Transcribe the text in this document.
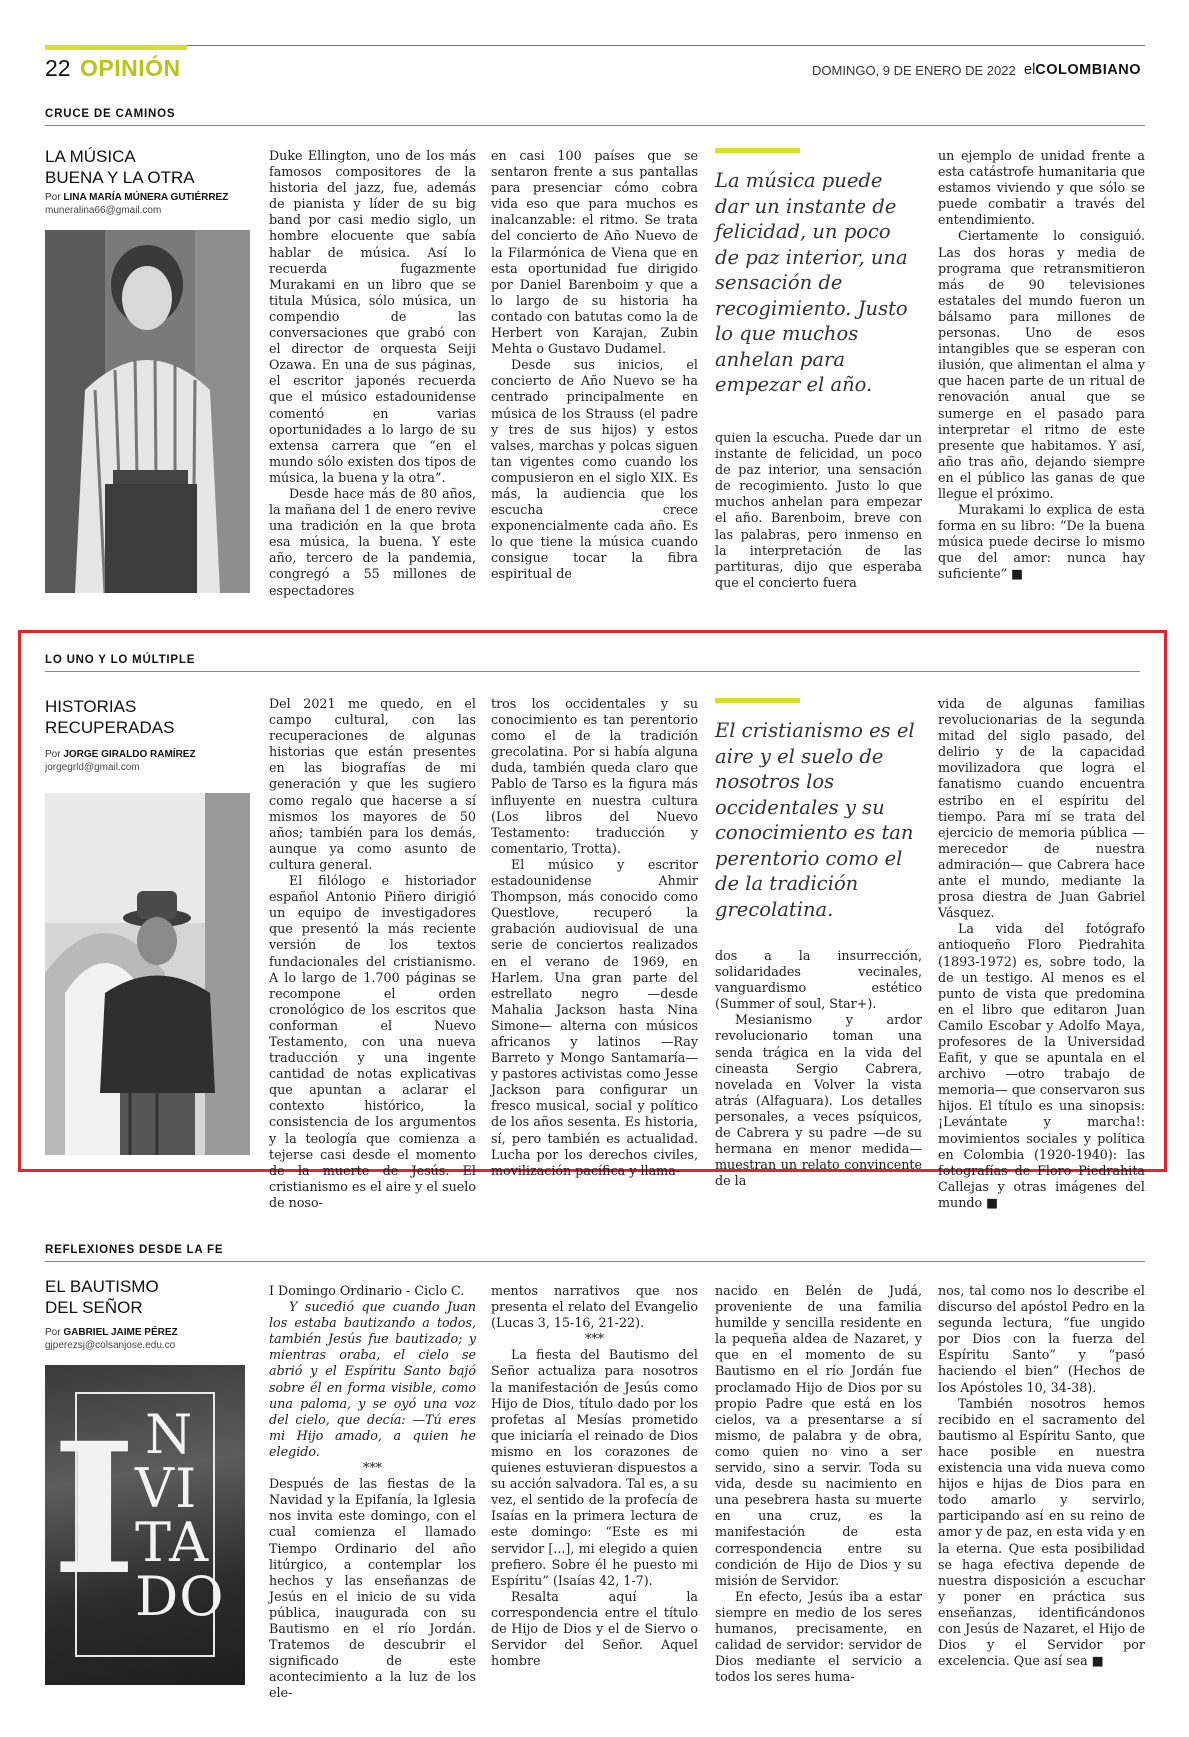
22 OPINIÓN	DOMINGO, 9 DE ENERO DE 2022 elCOLOMBIANO
CRUCE DE CAMINOS
LA MÚSICA
BUENA Y LA OTRA
Por LINA MARÍA MÚNERA GUTIÉRREZ
muneralina66@gmail.com

Duke Ellington, uno de los más famosos compositores de la historia del jazz, fue, además de pianista y líder de su big band por casi medio siglo, un hombre elocuente que sabía hablar de música. Así lo recuerda fugazmente Murakami en un libro que se titula Música, sólo música, un compendio de las conversaciones que grabó con el director de orquesta Seiji Ozawa. En una de sus páginas, el escritor japonés recuerda que el músico estadounidense comentó en varias oportunidades a lo largo de su extensa carrera que “en el mundo sólo existen dos tipos de música, la buena y la otra”.

Desde hace más de 80 años, la mañana del 1 de enero revive una tradición en la que brota esa música, la buena. Y este año, tercero de la pandemia, congregó a 55 millones de espectadores

en casi 100 países que se sentaron frente a sus pantallas para presenciar cómo cobra vida eso que para muchos es inalcanzable: el ritmo. Se trata del concierto de Año Nuevo de la Filarmónica de Viena que en esta oportunidad fue dirigido por Daniel Barenboim y que a lo largo de su historia ha contado con batutas como la de Herbert von Karajan, Zubin Mehta o Gustavo Dudamel.

Desde sus inicios, el concierto de Año Nuevo se ha centrado principalmente en música de los Strauss (el padre y tres de sus hijos) y estos valses, marchas y polcas siguen tan vigentes como cuando los compusieron en el siglo XIX. Es más, la audiencia que los escucha crece exponencialmente cada año. Es lo que tiene la música cuando consigue tocar la fibra espiritual de

La música puede dar un instante de felicidad, un poco de paz interior, una sensación de recogimiento. Justo lo que muchos anhelan para empezar el año.

quien la escucha. Puede dar un instante de felicidad, un poco de paz interior, una sensación de recogimiento. Justo lo que muchos anhelan para empezar el año. Barenboim, breve con las palabras, pero inmenso en la interpretación de las partituras, dijo que esperaba que el concierto fuera

un ejemplo de unidad frente a esta catástrofe humanitaria que estamos viviendo y que sólo se puede combatir a través del entendimiento.

Ciertamente lo consiguió. Las dos horas y media de programa que retransmitieron más de 90 televisiones estatales del mundo fueron un bálsamo para millones de personas. Uno de esos intangibles que se esperan con ilusión, que alimentan el alma y que hacen parte de un ritual de renovación anual que se sumerge en el pasado para interpretar el ritmo de este presente que habitamos. Y así, año tras año, dejando siempre en el público las ganas de que llegue el próximo.

Murakami lo explica de esta forma en su libro: “De la buena música puede decirse lo mismo que del amor: nunca hay suficiente” ■

LO UNO Y LO MÚLTIPLE
HISTORIAS
RECUPERADAS
Por JORGE GIRALDO RAMÍREZ
jorgegrld@gmail.com

Del 2021 me quedo, en el campo cultural, con las recuperaciones de algunas historias que están presentes en las biografías de mi generación y que les sugiero como regalo que hacerse a sí mismos los mayores de 50 años; también para los demás, aunque ya como asunto de cultura general.

El filólogo e historiador español Antonio Piñero dirigió un equipo de investigadores que presentó la más reciente versión de los textos fundacionales del cristianismo. A lo largo de 1.700 páginas se recompone el orden cronológico de los escritos que conforman el Nuevo Testamento, con una nueva traducción y una ingente cantidad de notas explicativas que apuntan a aclarar el contexto histórico, la consistencia de los argumentos y la teología que comienza a tejerse casi desde el momento de la muerte de Jesús. El cristianismo es el aire y el suelo de noso-

tros los occidentales y su conocimiento es tan perentorio como el de la tradición grecolatina. Por si había alguna duda, también queda claro que Pablo de Tarso es la figura más influyente en nuestra cultura (Los libros del Nuevo Testamento: traducción y comentario, Trotta).

El músico y escritor estadounidense Ahmir Thompson, más conocido como Questlove, recuperó la grabación audiovisual de una serie de conciertos realizados en el verano de 1969, en Harlem. Una gran parte del estrellato negro —desde Mahalia Jackson hasta Nina Simone— alterna con músicos africanos y latinos —Ray Barreto y Mongo Santamaría— y pastores activistas como Jesse Jackson para configurar un fresco musical, social y político de los años sesenta. Es historia, sí, pero también es actualidad. Lucha por los derechos civiles, movilización pacífica y llama-

El cristianismo es el aire y el suelo de nosotros los occidentales y su conocimiento es tan perentorio como el de la tradición grecolatina.

dos a la insurrección, solidaridades vecinales, vanguardismo estético (Summer of soul, Star+).

Mesianismo y ardor revolucionario toman una senda trágica en la vida del cineasta Sergio Cabrera, novelada en Volver la vista atrás (Alfaguara). Los detalles personales, a veces psíquicos, de Cabrera y su padre —de su hermana en menor medida— muestran un relato convincente de la

vida de algunas familias revolucionarias de la segunda mitad del siglo pasado, del delirio y de la capacidad movilizadora que logra el fanatismo cuando encuentra estribo en el espíritu del tiempo. Para mí se trata del ejercicio de memoria pública —merecedor de nuestra admiración— que Cabrera hace ante el mundo, mediante la prosa diestra de Juan Gabriel Vásquez.

La vida del fotógrafo antioqueño Floro Piedrahita (1893-1972) es, sobre todo, la de un testigo. Al menos es el punto de vista que predomina en el libro que editaron Juan Camilo Escobar y Adolfo Maya, profesores de la Universidad Eafit, y que se apuntala en el archivo —otro trabajo de memoria— que conservaron sus hijos. El título es una sinopsis: ¡Levántate y marcha!: movimientos sociales y política en Colombia (1920-1940): las fotografías de Floro Piedrahita Callejas y otras imágenes del mundo ■

REFLEXIONES DESDE LA FE
EL BAUTISMO
DEL SEÑOR
Por GABRIEL JAIME PÉREZ
gjperezsj@colsanjose.edu.co
I N
VI
TA
DO

I Domingo Ordinario - Ciclo C.

Y sucedió que cuando Juan los estaba bautizando a todos, también Jesús fue bautizado; y mientras oraba, el cielo se abrió y el Espíritu Santo bajó sobre él en forma visible, como una paloma, y se oyó una voz del cielo, que decía: —Tú eres mi Hijo amado, a quien he elegido.

***

Después de las fiestas de la Navidad y la Epifanía, la Iglesia nos invita este domingo, con el cual comienza el llamado Tiempo Ordinario del año litúrgico, a contemplar los hechos y las enseñanzas de Jesús en el inicio de su vida pública, inaugurada con su Bautismo en el río Jordán. Tratemos de descubrir el significado de este acontecimiento a la luz de los ele-

mentos narrativos que nos presenta el relato del Evangelio (Lucas 3, 15-16, 21-22).

***

La fiesta del Bautismo del Señor actualiza para nosotros la manifestación de Jesús como Hijo de Dios, título dado por los profetas al Mesías prometido que iniciaría el reinado de Dios mismo en los corazones de quienes estuvieran dispuestos a su acción salvadora. Tal es, a su vez, el sentido de la profecía de Isaías en la primera lectura de este domingo: “Este es mi servidor [...], mi elegido a quien prefiero. Sobre él he puesto mi Espíritu” (Isaías 42, 1-7).

Resalta aquí la correspondencia entre el título de Hijo de Dios y el de Siervo o Servidor del Señor. Aquel hombre

nacido en Belén de Judá, proveniente de una familia humilde y sencilla residente en la pequeña aldea de Nazaret, y que en el momento de su Bautismo en el río Jordán fue proclamado Hijo de Dios por su propio Padre que está en los cielos, va a presentarse a sí mismo, de palabra y de obra, como quien no vino a ser servido, sino a servir. Toda su vida, desde su nacimiento en una pesebrera hasta su muerte en una cruz, es la manifestación de esta correspondencia entre su condición de Hijo de Dios y su misión de Servidor.

En efecto, Jesús iba a estar siempre en medio de los seres humanos, precisamente, en calidad de servidor: servidor de Dios mediante el servicio a todos los seres huma-

nos, tal como nos lo describe el discurso del apóstol Pedro en la segunda lectura, “fue ungido por Dios con la fuerza del Espíritu Santo” y “pasó haciendo el bien” (Hechos de los Apóstoles 10, 34-38).

También nosotros hemos recibido en el sacramento del bautismo al Espíritu Santo, que hace posible en nuestra existencia una vida nueva como hijos e hijas de Dios para en todo amarlo y servirlo, participando así en su reino de amor y de paz, en esta vida y en la eterna. Que esta posibilidad se haga efectiva depende de nuestra disposición a escuchar y poner en práctica sus enseñanzas, identificándonos con Jesús de Nazaret, el Hijo de Dios y el Servidor por excelencia. Que así sea ■
